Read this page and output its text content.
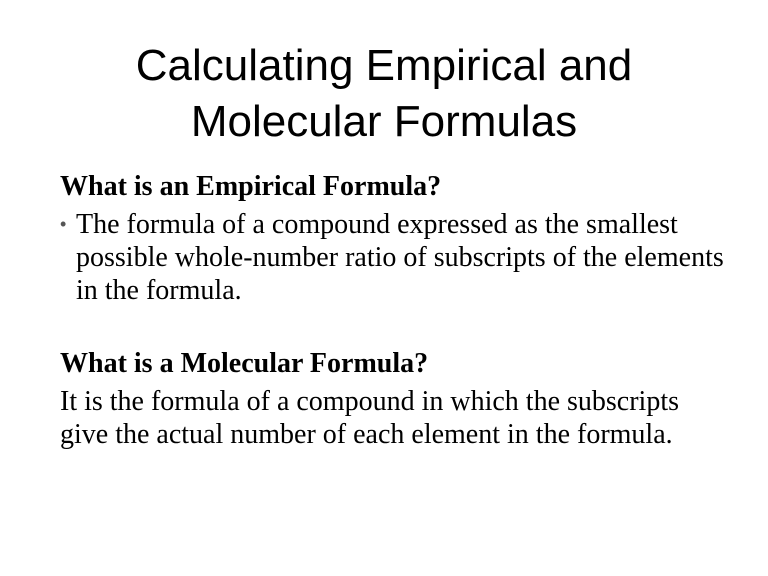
Calculating Empirical and
Molecular Formulas

What is an Empirical Formula?

• The formula of a compound expressed as the smallest possible whole-number ratio of subscripts of the elements in the formula.

What is a Molecular Formula?

It is the formula of a compound in which the subscripts give the actual number of each element in the formula.
